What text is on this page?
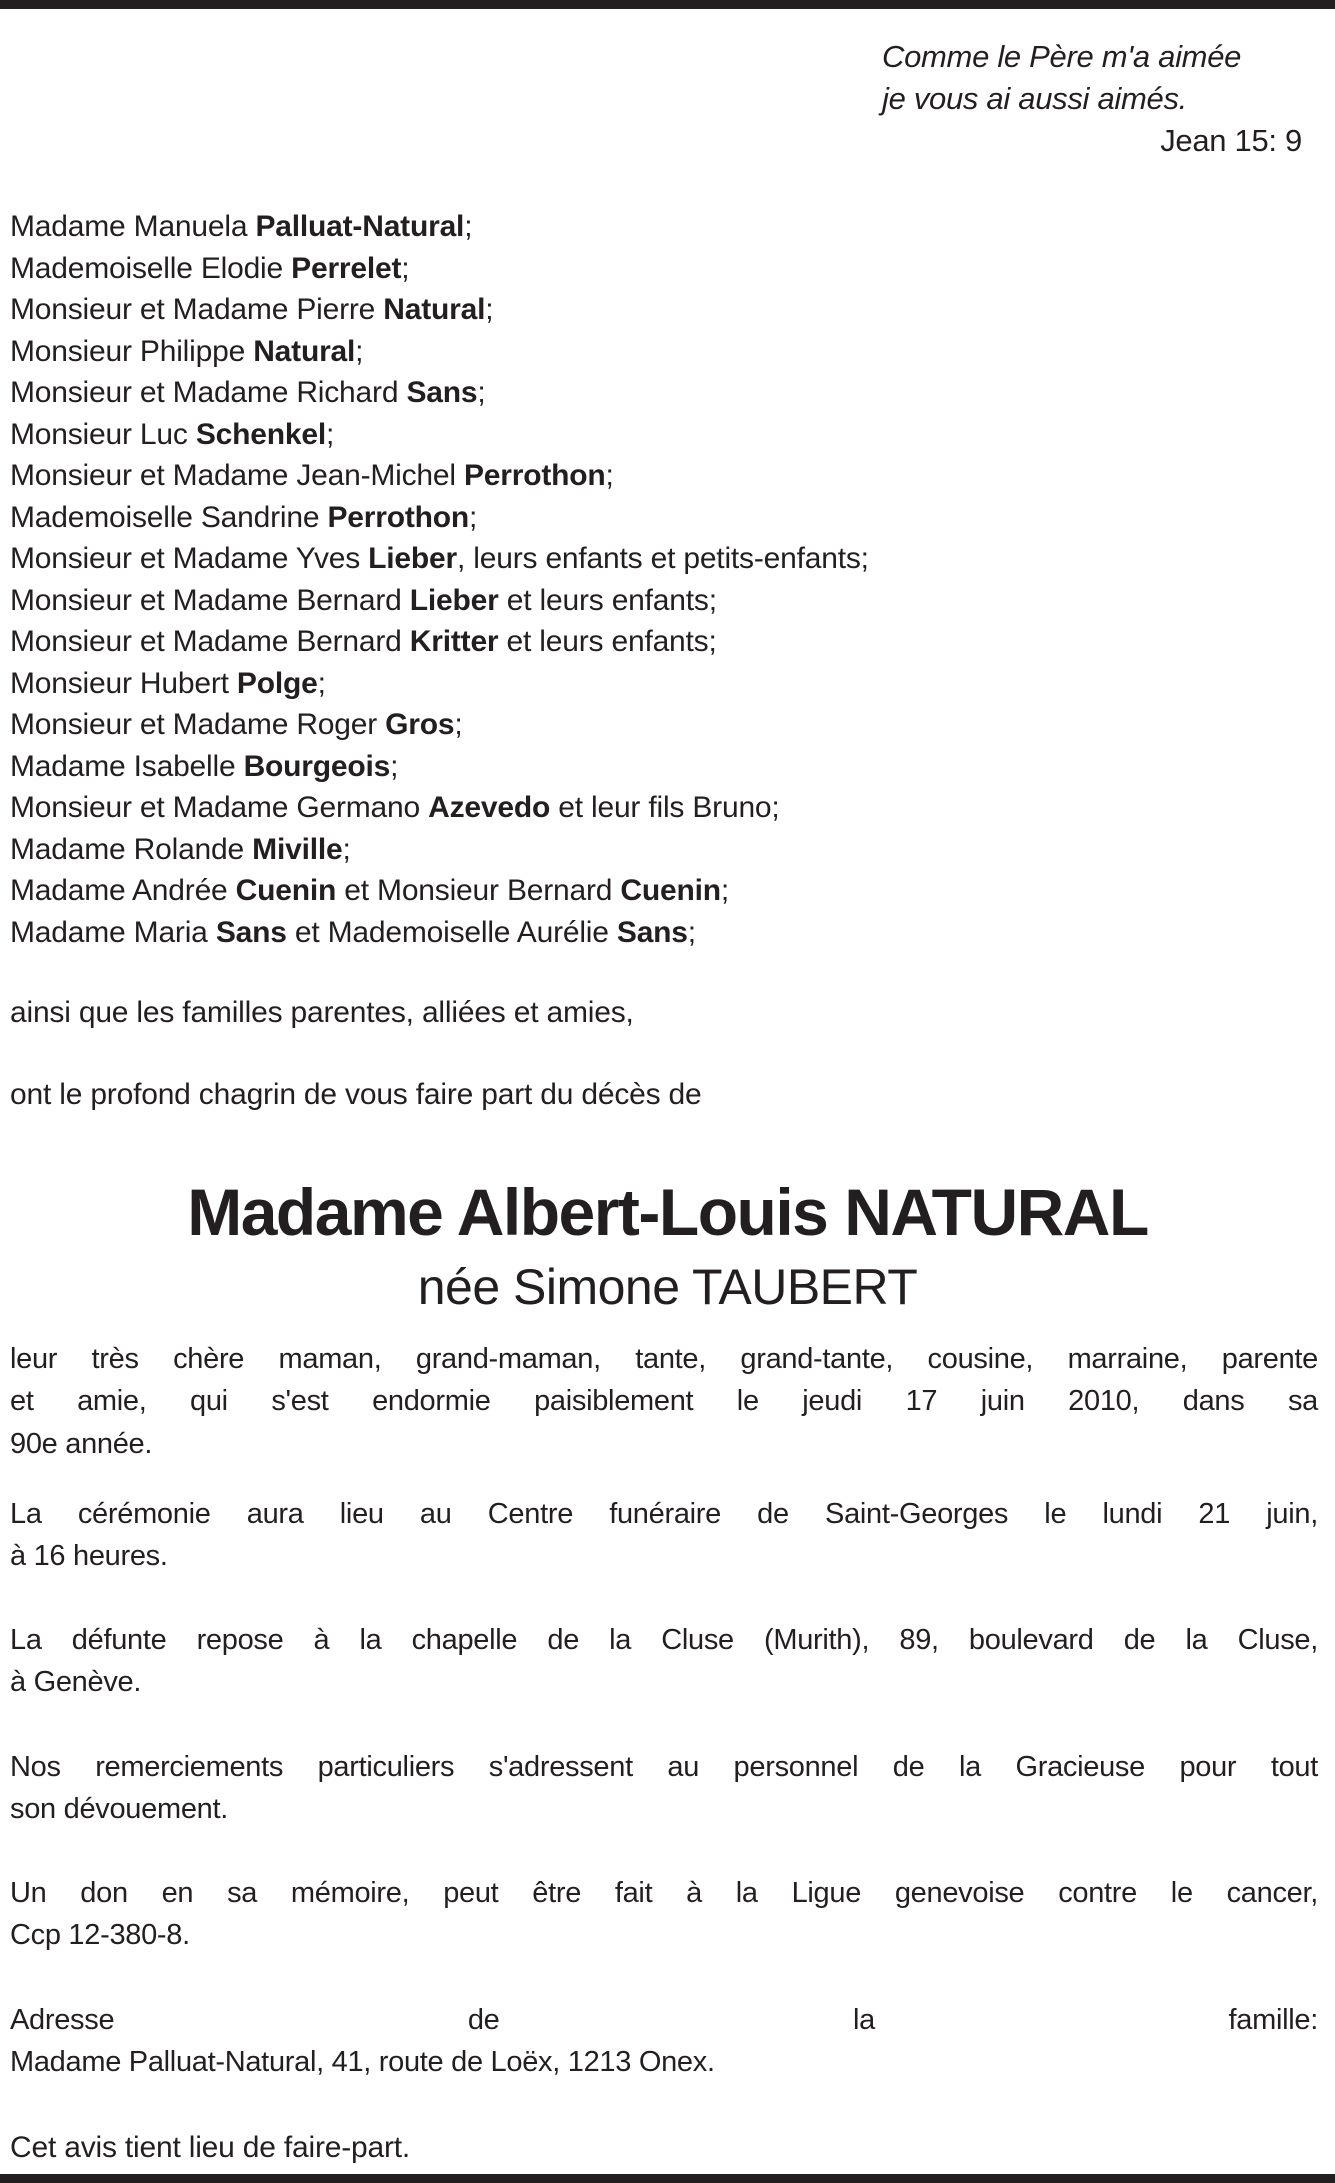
Comme le Père m'a aimée
je vous ai aussi aimés.
Jean 15: 9
Madame Manuela Palluat-Natural;
Mademoiselle Elodie Perrelet;
Monsieur et Madame Pierre Natural;
Monsieur Philippe Natural;
Monsieur et Madame Richard Sans;
Monsieur Luc Schenkel;
Monsieur et Madame Jean-Michel Perrothon;
Mademoiselle Sandrine Perrothon;
Monsieur et Madame Yves Lieber, leurs enfants et petits-enfants;
Monsieur et Madame Bernard Lieber et leurs enfants;
Monsieur et Madame Bernard Kritter et leurs enfants;
Monsieur Hubert Polge;
Monsieur et Madame Roger Gros;
Madame Isabelle Bourgeois;
Monsieur et Madame Germano Azevedo et leur fils Bruno;
Madame Rolande Miville;
Madame Andrée Cuenin et Monsieur Bernard Cuenin;
Madame Maria Sans et Mademoiselle Aurélie Sans;
ainsi que les familles parentes, alliées et amies,
ont le profond chagrin de vous faire part du décès de
Madame Albert-Louis NATURAL
née Simone TAUBERT
leur très chère maman, grand-maman, tante, grand-tante, cousine, marraine, parente
et amie, qui s'est endormie paisiblement le jeudi 17 juin 2010, dans sa
90e année.
La cérémonie aura lieu au Centre funéraire de Saint-Georges le lundi 21 juin,
à 16 heures.
La défunte repose à la chapelle de la Cluse (Murith), 89, boulevard de la Cluse,
à Genève.
Nos remerciements particuliers s'adressent au personnel de la Gracieuse pour tout
son dévouement.
Un don en sa mémoire, peut être fait à la Ligue genevoise contre le cancer,
Ccp 12-380-8.
Adresse de la famille:
Madame Palluat-Natural, 41, route de Loëx, 1213 Onex.
Cet avis tient lieu de faire-part.
